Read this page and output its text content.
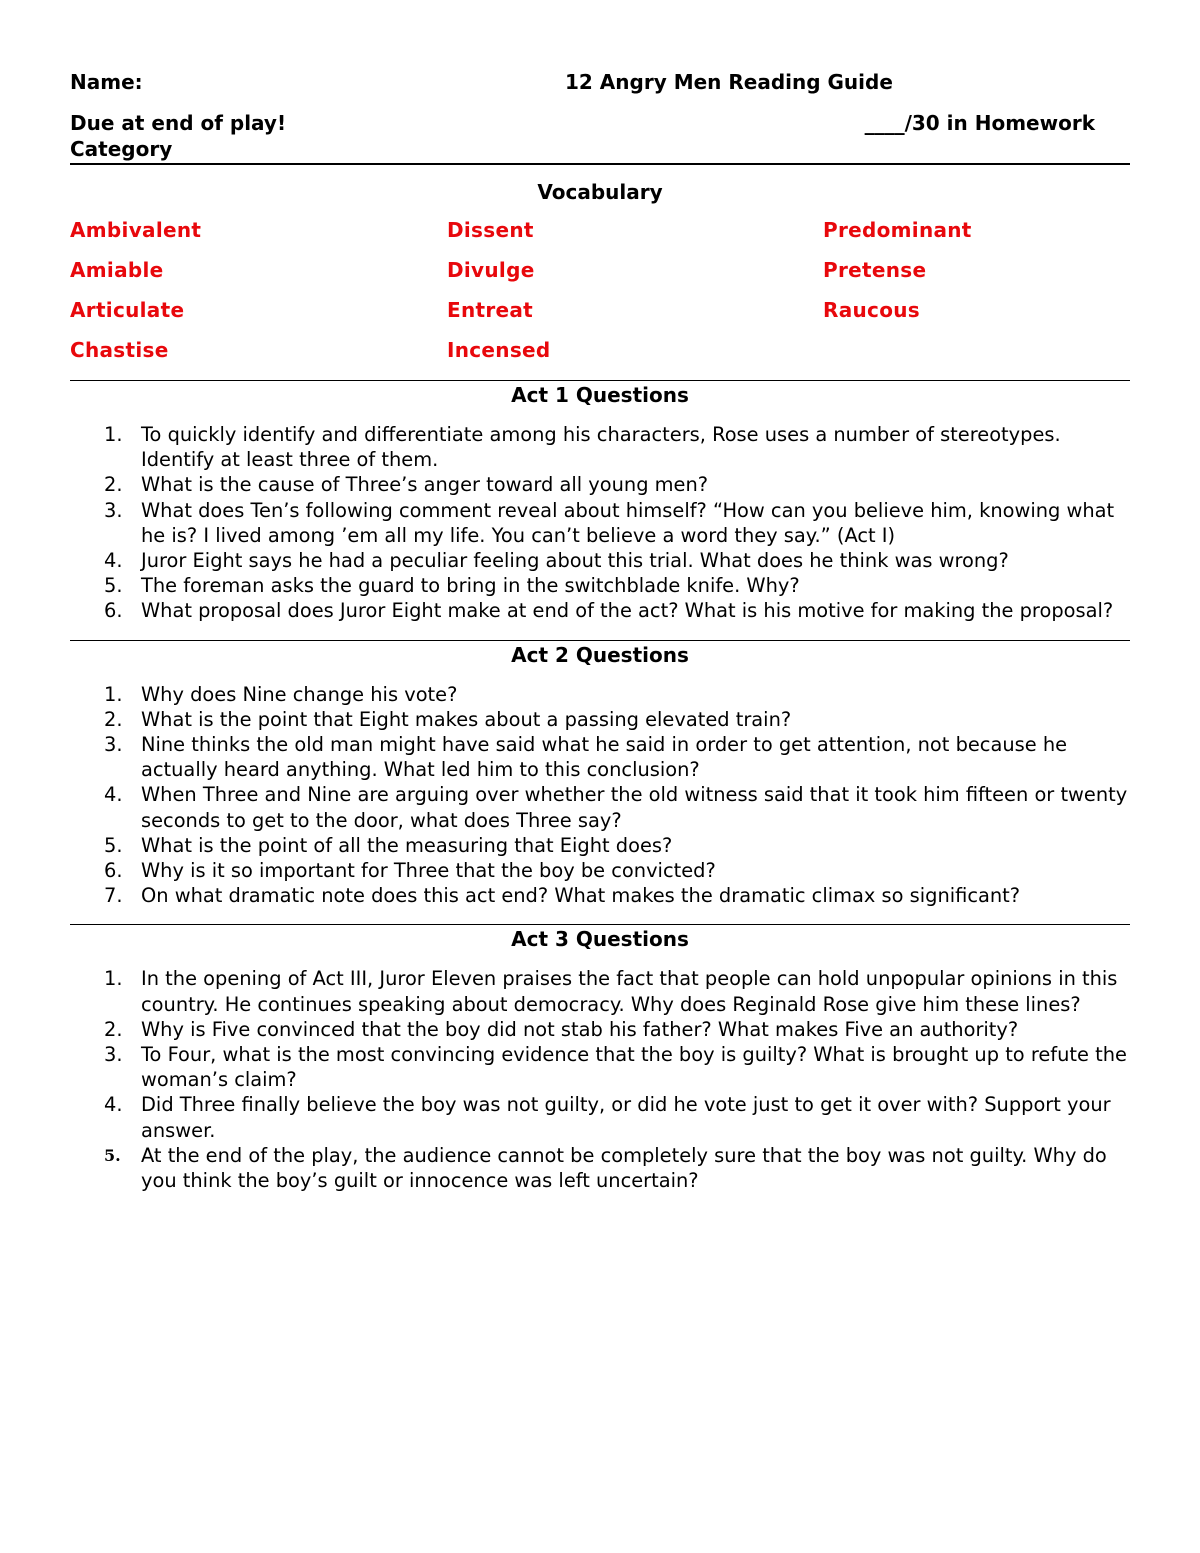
Name:	12 Angry Men Reading Guide
Due at end of play!	____/30 in Homework
Category
Vocabulary
Ambivalent	Dissent	Predominant
Amiable	Divulge	Pretense
Articulate	Entreat	Raucous
Chastise	Incensed
Act 1 Questions
1. To quickly identify and differentiate among his characters, Rose uses a number of stereotypes. Identify at least three of them.
2. What is the cause of Three’s anger toward all young men?
3. What does Ten’s following comment reveal about himself? “How can you believe him, knowing what he is? I lived among ’em all my life. You can’t believe a word they say.” (Act I)
4. Juror Eight says he had a peculiar feeling about this trial. What does he think was wrong?
5. The foreman asks the guard to bring in the switchblade knife. Why?
6. What proposal does Juror Eight make at end of the act? What is his motive for making the proposal?
Act 2 Questions
1. Why does Nine change his vote?
2. What is the point that Eight makes about a passing elevated train?
3. Nine thinks the old man might have said what he said in order to get attention, not because he actually heard anything. What led him to this conclusion?
4. When Three and Nine are arguing over whether the old witness said that it took him fifteen or twenty seconds to get to the door, what does Three say?
5. What is the point of all the measuring that Eight does?
6. Why is it so important for Three that the boy be convicted?
7. On what dramatic note does this act end? What makes the dramatic climax so significant?
Act 3 Questions
1. In the opening of Act III, Juror Eleven praises the fact that people can hold unpopular opinions in this country. He continues speaking about democracy. Why does Reginald Rose give him these lines?
2. Why is Five convinced that the boy did not stab his father? What makes Five an authority?
3. To Four, what is the most convincing evidence that the boy is guilty? What is brought up to refute the woman’s claim?
4. Did Three finally believe the boy was not guilty, or did he vote just to get it over with? Support your answer.
5.	At the end of the play, the audience cannot be completely sure that the boy was not guilty. Why do you think the boy’s guilt or innocence was left uncertain?
